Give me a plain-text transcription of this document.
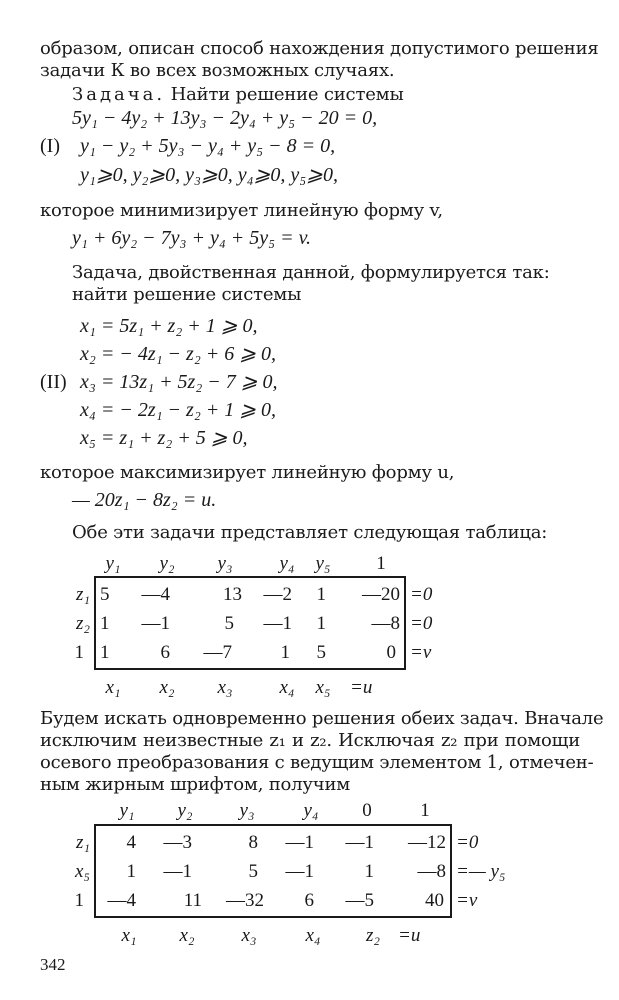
образом, описан способ нахождения допустимого решения
задачи К во всех возможных случаях.
Задача. Найти решение системы
5y₁ − 4y₂ + 13y₃ − 2y₄ + y₅ − 20 = 0,
(I) y₁ − y₂ + 5y₃ − y₄ + y₅ − 8 = 0,
y₁⩾0, y₂⩾0, y₃⩾0, y₄⩾0, y₅⩾0,
которое минимизирует линейную форму v,
y₁ + 6y₂ − 7y₃ + y₄ + 5y₅ = v.
Задача, двойственная данной, формулируется так:
найти решение системы
x₁ = 5z₁ + z₂ + 1 ⩾ 0,
x₂ = − 4z₁ − z₂ + 6 ⩾ 0,
(II) x₃ = 13z₁ + 5z₂ − 7 ⩾ 0,
x₄ = − 2z₁ − z₂ + 1 ⩾ 0,
x₅ = z₁ + z₂ + 5 ⩾ 0,
которое максимизирует линейную форму u,
— 20z₁ − 8z₂ = u.
Обе эти задачи представляет следующая таблица:
y₁	y₂	y₃	y₄	y₅	1
z₁ 5	—4	13	—2	1	—20 =0
z₂ 1	—1	5	—1	1	—8 =0
1 1	6	—7	1	5	0 =v
x₁	x₂	x₃	x₄	x₅	=u
Будем искать одновременно решения обеих задач. Вначале
исключим неизвестные z₁ и z₂. Исключая z₂ при помощи
осевого преобразования с ведущим элементом 1, отмечен-
ным жирным шрифтом, получим
y₁	y₂	y₃	y₄	0	1
z₁	4	—3	8	—1	—1	—12 =0
x₅	1	—1	5	—1	1	—8 =— y₅
1	—4	11	—32	6	—5	40 =v
x₁	x₂	x₃	x₄	z₂ =u
342
